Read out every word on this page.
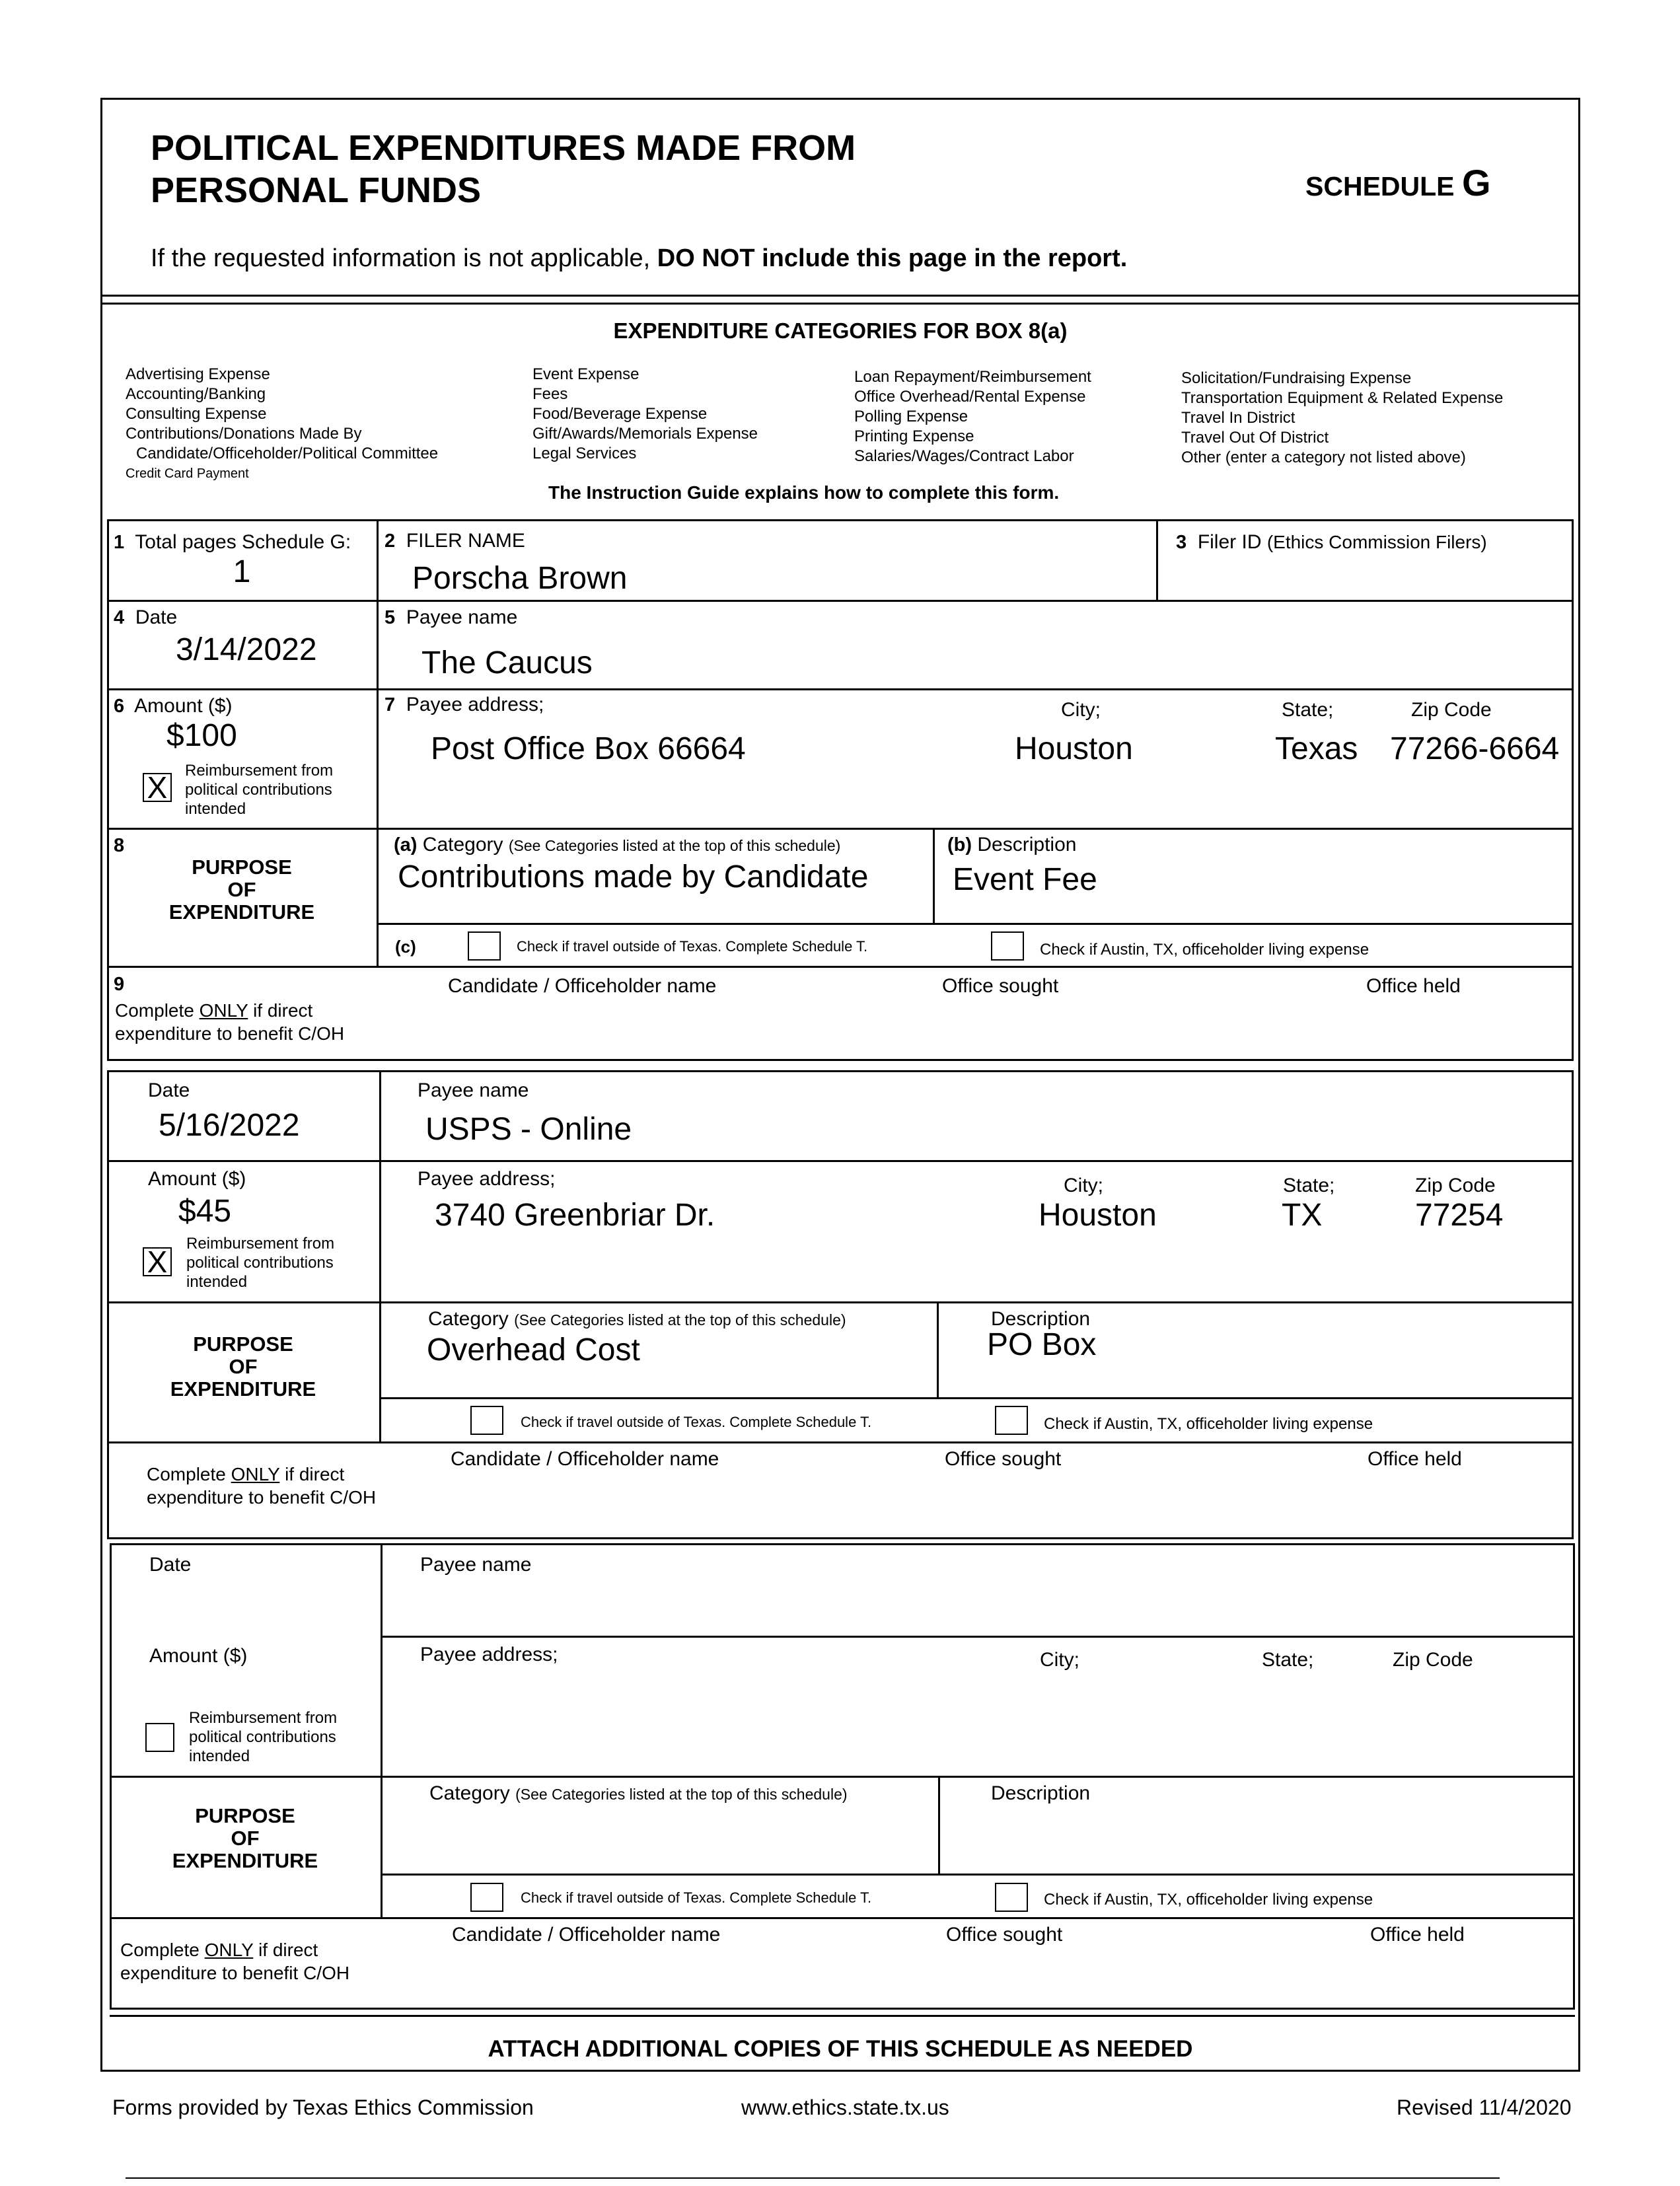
POLITICAL EXPENDITURES MADE FROM
PERSONAL FUNDS	SCHEDULE G
If the requested information is not applicable, DO NOT include this page in the report.
EXPENDITURE CATEGORIES FOR BOX 8(a)
Advertising Expense
Accounting/Banking
Consulting Expense
Contributions/Donations Made By
Candidate/Officeholder/Political Committee
Credit Card Payment
Event Expense
Fees
Food/Beverage Expense
Gift/Awards/Memorials Expense
Legal Services
Loan Repayment/Reimbursement
Office Overhead/Rental Expense
Polling Expense
Printing Expense
Salaries/Wages/Contract Labor
Solicitation/Fundraising Expense
Transportation Equipment & Related Expense
Travel In District
Travel Out Of District
Other (enter a category not listed above)
The Instruction Guide explains how to complete this form.
1 Total pages Schedule G:
1
2 FILER NAME
Porscha Brown
3 Filer ID (Ethics Commission Filers)
4 Date
3/14/2022
5 Payee name
The Caucus
6 Amount ($)
$100
X Reimbursement from
political contributions
intended
7 Payee address;	City;	State;	Zip Code
Post Office Box 66664	Houston	Texas 77266-6664
8
PURPOSE
OF
EXPENDITURE
(a) Category (See Categories listed at the top of this schedule)
Contributions made by Candidate
(b) Description
Event Fee
(c)	Check if travel outside of Texas. Complete Schedule T.	Check if Austin, TX, officeholder living expense
9
Complete ONLY if direct
expenditure to benefit C/OH
Candidate / Officeholder name	Office sought	Office held
Date
5/16/2022
Payee name
USPS - Online
Amount ($)
$45
X
Reimbursement from
political contributions
intended
Payee address;	City;	State;	Zip Code
3740 Greenbriar Dr.	Houston	TX	77254
PURPOSE
OF
EXPENDITURE
Category (See Categories listed at the top of this schedule)
Overhead Cost
Description
PO Box
Check if travel outside of Texas. Complete Schedule T.	Check if Austin, TX, officeholder living expense
Complete ONLY if direct
expenditure to benefit C/OH
Candidate / Officeholder name	Office sought	Office held
Date	Payee name
Amount ($)
Reimbursement from
political contributions
intended
Payee address;	City;	State;	Zip Code
PURPOSE
OF
EXPENDITURE
Category (See Categories listed at the top of this schedule)	Description
Check if travel outside of Texas. Complete Schedule T.	Check if Austin, TX, officeholder living expense
Complete ONLY if direct
expenditure to benefit C/OH
Candidate / Officeholder name	Office sought	Office held
ATTACH ADDITIONAL COPIES OF THIS SCHEDULE AS NEEDED
Forms provided by Texas Ethics Commission	www.ethics.state.tx.us	Revised 11/4/2020
